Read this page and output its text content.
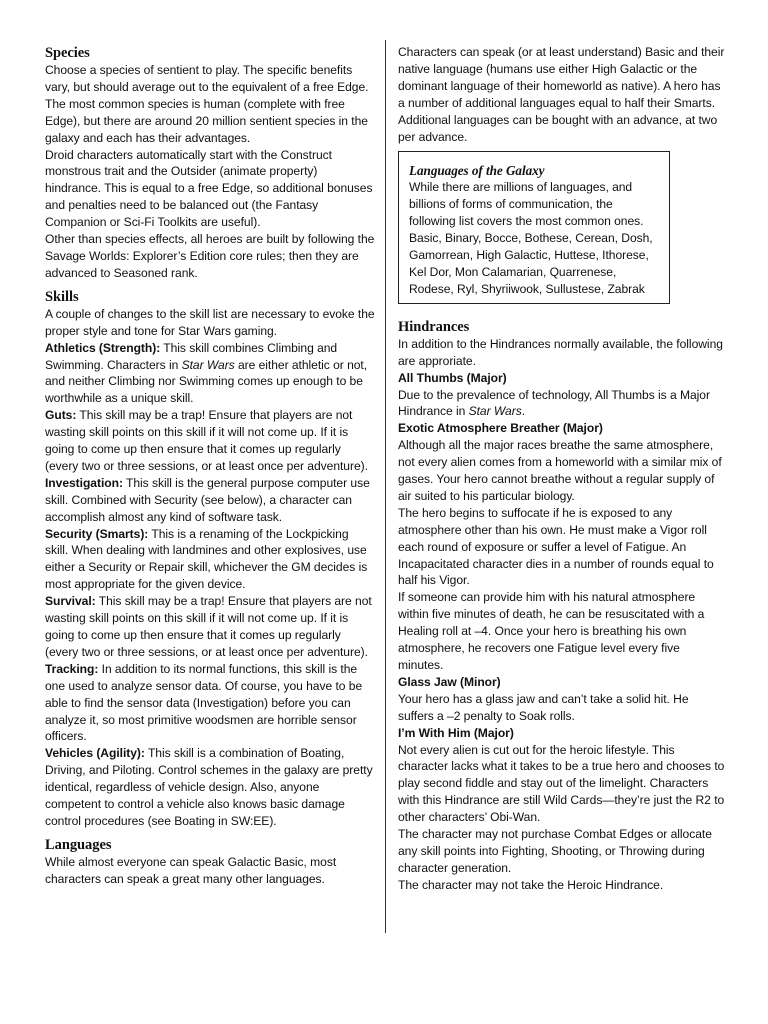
Species

Choose a species of sentient to play. The specific benefits vary, but should average out to the equivalent of a free Edge. The most common species is human (complete with free Edge), but there are around 20 million sentient species in the galaxy and each has their advantages.

Droid characters automatically start with the Construct monstrous trait and the Outsider (animate property) hindrance. This is equal to a free Edge, so additional bonuses and penalties need to be balanced out (the Fantasy Companion or Sci-Fi Toolkits are useful).

Other than species effects, all heroes are built by following the Savage Worlds: Explorer’s Edition core rules; then they are advanced to Seasoned rank.

Skills

A couple of changes to the skill list are necessary to evoke the proper style and tone for Star Wars gaming.

Athletics (Strength): This skill combines Climbing and Swimming. Characters in Star Wars are either athletic or not, and neither Climbing nor Swimming comes up enough to be worthwhile as a unique skill.

Guts: This skill may be a trap! Ensure that players are not wasting skill points on this skill if it will not come up. If it is going to come up then ensure that it comes up regularly (every two or three sessions, or at least once per adventure).

Investigation: This skill is the general purpose computer use skill. Combined with Security (see below), a character can accomplish almost any kind of software task.

Security (Smarts): This is a renaming of the Lockpicking skill. When dealing with landmines and other explosives, use either a Security or Repair skill, whichever the GM decides is most appropriate for the given device.

Survival: This skill may be a trap! Ensure that players are not wasting skill points on this skill if it will not come up. If it is going to come up then ensure that it comes up regularly (every two or three sessions, or at least once per adventure).

Tracking: In addition to its normal functions, this skill is the one used to analyze sensor data. Of course, you have to be able to find the sensor data (Investigation) before you can analyze it, so most primitive woodsmen are horrible sensor officers.

Vehicles (Agility): This skill is a combination of Boating, Driving, and Piloting. Control schemes in the galaxy are pretty identical, regardless of vehicle design. Also, anyone competent to control a vehicle also knows basic damage control procedures (see Boating in SW:EE).

Languages

While almost everyone can speak Galactic Basic, most characters can speak a great many other languages.

Characters can speak (or at least understand) Basic and their native language (humans use either High Galactic or the dominant language of their homeworld as native). A hero has a number of additional languages equal to half their Smarts. Additional languages can be bought with an advance, at two per advance.

Languages of the Galaxy

While there are millions of languages, and billions of forms of communication, the following list covers the most common ones.

Basic, Binary, Bocce, Bothese, Cerean, Dosh, Gamorrean, High Galactic, Huttese, Ithorese, Kel Dor, Mon Calamarian, Quarrenese, Rodese, Ryl, Shyriiwook, Sullustese, Zabrak

Hindrances

In addition to the Hindrances normally available, the following are approriate.

All Thumbs (Major)

Due to the prevalence of technology, All Thumbs is a Major Hindrance in Star Wars.

Exotic Atmosphere Breather (Major)

Although all the major races breathe the same atmosphere, not every alien comes from a homeworld with a similar mix of gases. Your hero cannot breathe without a regular supply of air suited to his particular biology.

The hero begins to suffocate if he is exposed to any atmosphere other than his own. He must make a Vigor roll each round of exposure or suffer a level of Fatigue. An Incapacitated character dies in a number of rounds equal to half his Vigor.

If someone can provide him with his natural atmosphere within five minutes of death, he can be resuscitated with a Healing roll at –4. Once your hero is breathing his own atmosphere, he recovers one Fatigue level every five minutes.

Glass Jaw (Minor)

Your hero has a glass jaw and can’t take a solid hit. He suffers a –2 penalty to Soak rolls.

I’m With Him (Major)

Not every alien is cut out for the heroic lifestyle. This character lacks what it takes to be a true hero and chooses to play second fiddle and stay out of the limelight. Characters with this Hindrance are still Wild Cards—they’re just the R2 to other characters’ Obi-Wan.

The character may not purchase Combat Edges or allocate any skill points into Fighting, Shooting, or Throwing during character generation.

The character may not take the Heroic Hindrance.
